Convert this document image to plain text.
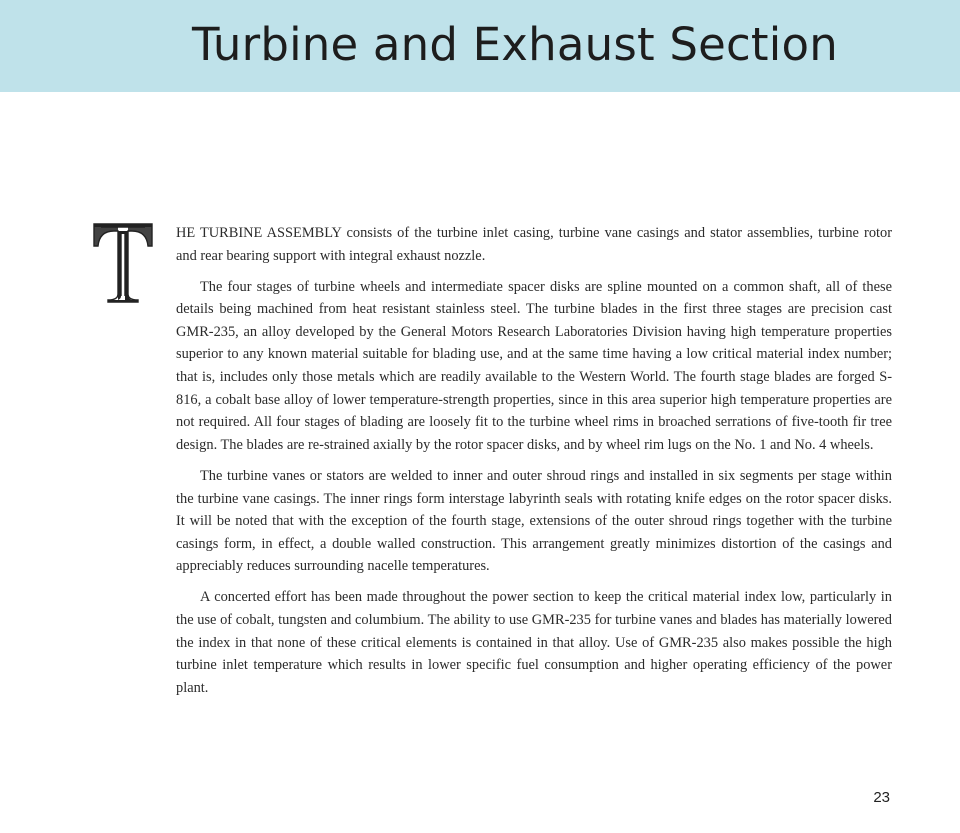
Turbine and Exhaust Section

HE TURBINE ASSEMBLY consists of the turbine inlet casing, turbine vane casings and stator assemblies, turbine rotor and rear bearing support with integral exhaust nozzle.

The four stages of turbine wheels and intermediate spacer disks are spline mounted on a common shaft, all of these details being machined from heat resistant stainless steel. The turbine blades in the first three stages are precision cast GMR-235, an alloy developed by the General Motors Research Laboratories Division having high temperature properties superior to any known material suitable for blading use, and at the same time having a low critical material index number; that is, includes only those metals which are readily available to the Western World. The fourth stage blades are forged S-816, a cobalt base alloy of lower temperature-strength properties, since in this area superior high temperature properties are not required. All four stages of blading are loosely fit to the turbine wheel rims in broached serrations of five-tooth fir tree design. The blades are re-strained axially by the rotor spacer disks, and by wheel rim lugs on the No. 1 and No. 4 wheels.

The turbine vanes or stators are welded to inner and outer shroud rings and installed in six segments per stage within the turbine vane casings. The inner rings form interstage labyrinth seals with rotating knife edges on the rotor spacer disks. It will be noted that with the exception of the fourth stage, extensions of the outer shroud rings together with the turbine casings form, in effect, a double walled construction. This arrangement greatly minimizes distortion of the casings and appreciably reduces surrounding nacelle temperatures.

A concerted effort has been made throughout the power section to keep the critical material index low, particularly in the use of cobalt, tungsten and columbium. The ability to use GMR-235 for turbine vanes and blades has materially lowered the index in that none of these critical elements is contained in that alloy. Use of GMR-235 also makes possible the high turbine inlet temperature which results in lower specific fuel consumption and higher operating efficiency of the power plant.

23
